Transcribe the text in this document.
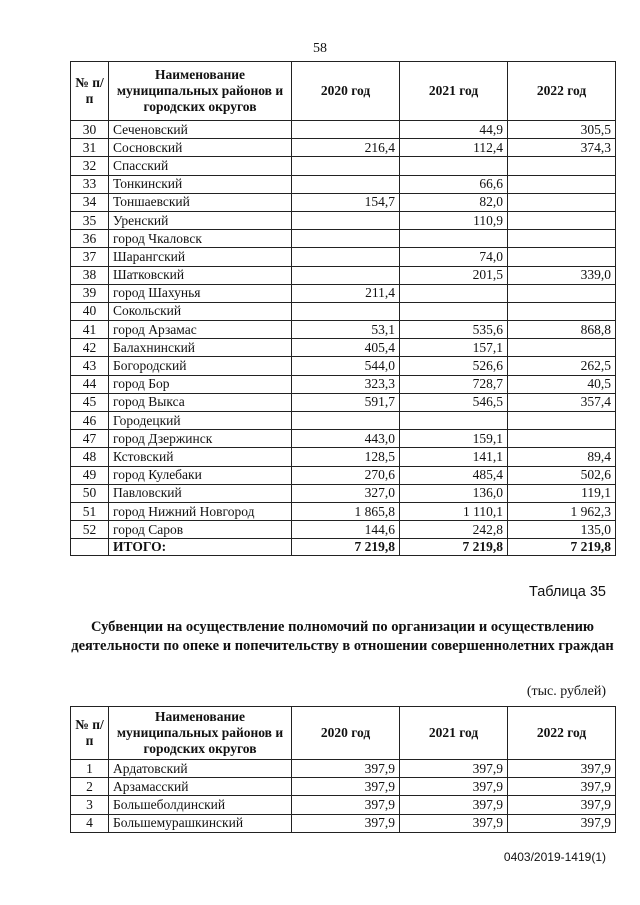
58
№ п/п	Наименование муниципальных районов и городских округов	2020 год	2021 год	2022 год
30	Сеченовский		44,9	305,5
31	Сосновский	216,4	112,4	374,3
32	Спасский			
33	Тонкинский		66,6	
34	Тоншаевский	154,7	82,0	
35	Уренский		110,9	
36	город Чкаловск			
37	Шарангский		74,0	
38	Шатковский		201,5	339,0
39	город Шахунья	211,4		
40	Сокольский			
41	город Арзамас	53,1	535,6	868,8
42	Балахнинский	405,4	157,1	
43	Богородский	544,0	526,6	262,5
44	город Бор	323,3	728,7	40,5
45	город Выкса	591,7	546,5	357,4
46	Городецкий			
47	город Дзержинск	443,0	159,1	
48	Кстовский	128,5	141,1	89,4
49	город Кулебаки	270,6	485,4	502,6
50	Павловский	327,0	136,0	119,1
51	город Нижний Новгород	1 865,8	1 110,1	1 962,3
52	город Саров	144,6	242,8	135,0
	ИТОГО:	7 219,8	7 219,8	7 219,8
Таблица 35
Субвенции на осуществление полномочий по организации и осуществлению деятельности по опеке и попечительству в отношении совершеннолетних граждан
(тыс. рублей)
№ п/п	Наименование муниципальных районов и городских округов	2020 год	2021 год	2022 год
1	Ардатовский	397,9	397,9	397,9
2	Арзамасский	397,9	397,9	397,9
3	Большеболдинский	397,9	397,9	397,9
4	Большемурашкинский	397,9	397,9	397,9
0403/2019-1419(1)
